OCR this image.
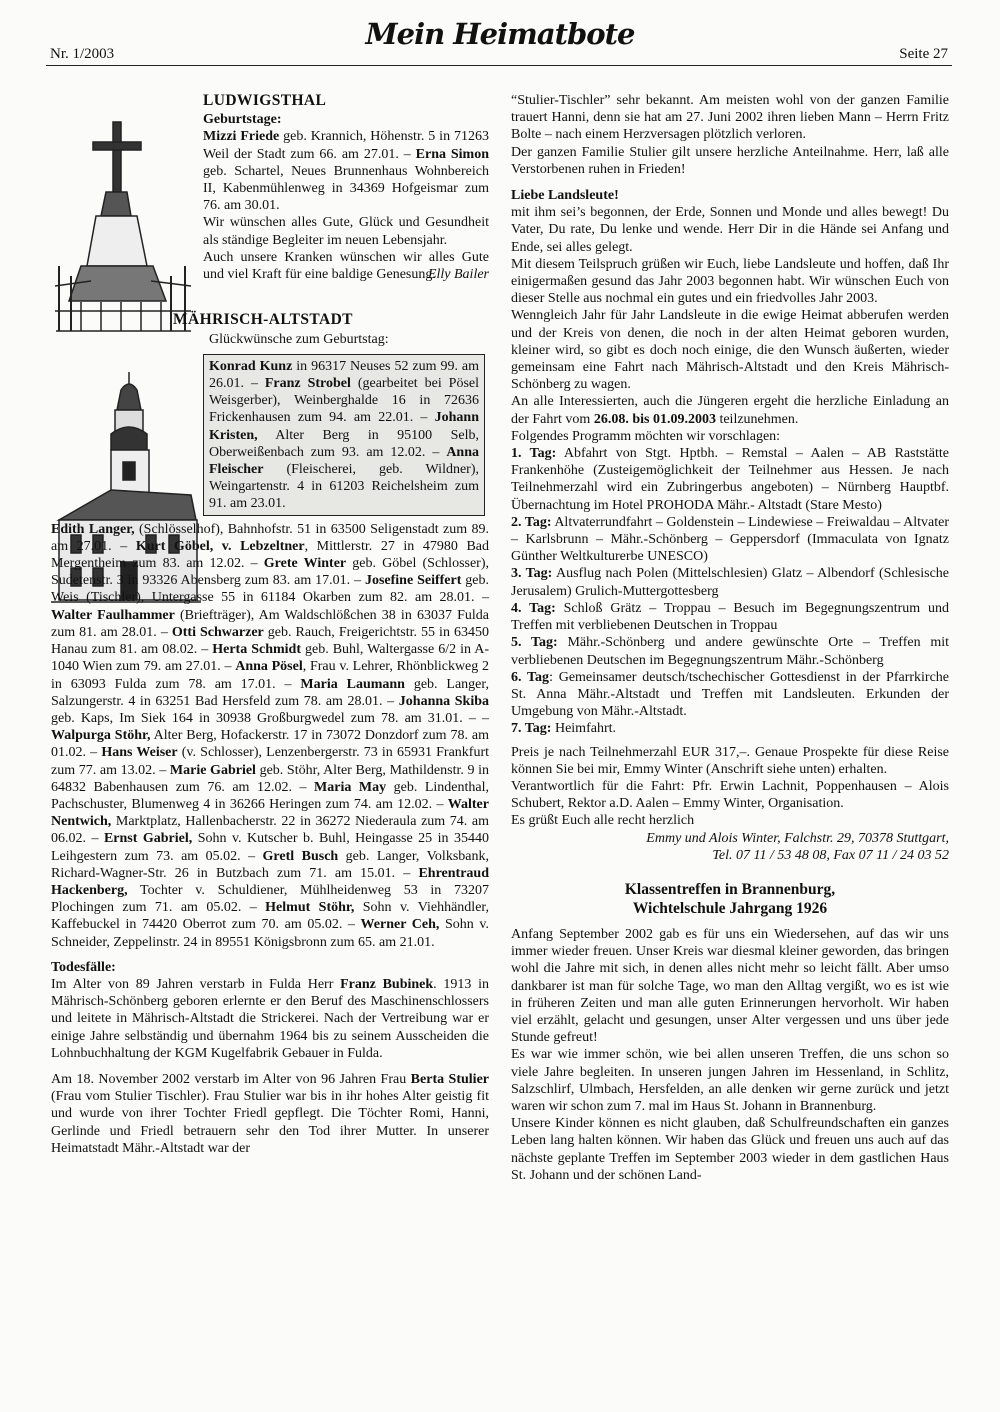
Nr. 1/2003
Mein Heimatbote
Seite 27
LUDWIGSTHAL

Geburtstage:

Mizzi Friede geb. Krannich, Höhenstr. 5 in 71263 Weil der Stadt zum 66. am 27.01. – Erna Simon geb. Schartel, Neues Brunnenhaus Wohnbereich II, Kabenmühlenweg in 34369 Hofgeismar zum 76. am 30.01.

Wir wünschen alles Gute, Glück und Gesundheit als ständige Begleiter im neuen Lebensjahr.

Auch unsere Kranken wünschen wir alles Gute und viel Kraft für eine baldige Genesung.

Elly Bailer

MÄHRISCH-ALTSTADT

Glückwünsche zum Geburtstag:

Konrad Kunz in 96317 Neuses 52 zum 99. am 26.01. – Franz Strobel (gearbeitet bei Pösel Weisgerber), Weinberghalde 16 in 72636 Frickenhausen zum 94. am 22.01. – Johann Kristen, Alter Berg in 95100 Selb, Oberweißenbach zum 93. am 12.02. – Anna Fleischer (Fleischerei, geb. Wildner), Weingartenstr. 4 in 61203 Reichelsheim zum 91. am 23.01.

Edith Langer, (Schlösselhof), Bahnhofstr. 51 in 63500 Seligenstadt zum 89. am 27.01. – Kurt Göbel, v. Lebzeltner, Mittlerstr. 27 in 47980 Bad Mergentheim zum 83. am 12.02. – Grete Winter geb. Göbel (Schlosser), Sudetenstr. 3 in 93326 Abensberg zum 83. am 17.01. – Josefine Seiffert geb. Weis (Tischler), Untergasse 55 in 61184 Okarben zum 82. am 28.01. – Walter Faulhammer (Briefträger), Am Waldschlößchen 38 in 63037 Fulda zum 81. am 28.01. – Otti Schwarzer geb. Rauch, Freigerichtstr. 55 in 63450 Hanau zum 81. am 08.02. – Herta Schmidt geb. Buhl, Waltergasse 6/2 in A-1040 Wien zum 79. am 27.01. – Anna Pösel, Frau v. Lehrer, Rhönblickweg 2 in 63093 Fulda zum 78. am 17.01. – Maria Laumann geb. Langer, Salzungerstr. 4 in 63251 Bad Hersfeld zum 78. am 28.01. – Johanna Skiba geb. Kaps, Im Siek 164 in 30938 Großburgwedel zum 78. am 31.01. – – Walpurga Stöhr, Alter Berg, Hofackerstr. 17 in 73072 Donzdorf zum 78. am 01.02. – Hans Weiser (v. Schlosser), Lenzenbergerstr. 73 in 65931 Frankfurt zum 77. am 13.02. – Marie Gabriel geb. Stöhr, Alter Berg, Mathildenstr. 9 in 64832 Babenhausen zum 76. am 12.02. – Maria May geb. Lindenthal, Pachschuster, Blumenweg 4 in 36266 Heringen zum 74. am 12.02. – Walter Nentwich, Marktplatz, Hallenbacherstr. 22 in 36272 Niederaula zum 74. am 06.02. – Ernst Gabriel, Sohn v. Kutscher b. Buhl, Heingasse 25 in 35440 Leihgestern zum 73. am 05.02. – Gretl Busch geb. Langer, Volksbank, Richard-Wagner-Str. 26 in Butzbach zum 71. am 15.01. – Ehrentraud Hackenberg, Tochter v. Schuldiener, Mühlheidenweg 53 in 73207 Plochingen zum 71. am 05.02. – Helmut Stöhr, Sohn v. Viehhändler, Kaffebuckel in 74420 Oberrot zum 70. am 05.02. – Werner Ceh, Sohn v. Schneider, Zeppelinstr. 24 in 89551 Königsbronn zum 65. am 21.01.

Todesfälle:

Im Alter von 89 Jahren verstarb in Fulda Herr Franz Bubinek. 1913 in Mährisch-Schönberg geboren erlernte er den Beruf des Maschinenschlossers und leitete in Mährisch-Altstadt die Strickerei. Nach der Vertreibung war er einige Jahre selbständig und übernahm 1964 bis zu seinem Ausscheiden die Lohnbuchhaltung der KGM Kugelfabrik Gebauer in Fulda.

Am 18. November 2002 verstarb im Alter von 96 Jahren Frau Berta Stulier (Frau vom Stulier Tischler). Frau Stulier war bis in ihr hohes Alter geistig fit und wurde von ihrer Tochter Friedl gepflegt. Die Töchter Romi, Hanni, Gerlinde und Friedl betrauern sehr den Tod ihrer Mutter. In unserer Heimatstadt Mähr.-Altstadt war der

“Stulier-Tischler” sehr bekannt. Am meisten wohl von der ganzen Familie trauert Hanni, denn sie hat am 27. Juni 2002 ihren lieben Mann – Herrn Fritz Bolte – nach einem Herzversagen plötzlich verloren.

Der ganzen Familie Stulier gilt unsere herzliche Anteilnahme. Herr, laß alle Verstorbenen ruhen in Frieden!

Liebe Landsleute!

mit ihm sei’s begonnen, der Erde, Sonnen und Monde und alles bewegt! Du Vater, Du rate, Du lenke und wende. Herr Dir in die Hände sei Anfang und Ende, sei alles gelegt.

Mit diesem Teilspruch grüßen wir Euch, liebe Landsleute und hoffen, daß Ihr einigermaßen gesund das Jahr 2003 begonnen habt. Wir wünschen Euch von dieser Stelle aus nochmal ein gutes und ein friedvolles Jahr 2003.

Wenngleich Jahr für Jahr Landsleute in die ewige Heimat abberufen werden und der Kreis von denen, die noch in der alten Heimat geboren wurden, kleiner wird, so gibt es doch noch einige, die den Wunsch äußerten, wieder gemeinsam eine Fahrt nach Mährisch-Altstadt und den Kreis Mährisch-Schönberg zu wagen.

An alle Interessierten, auch die Jüngeren ergeht die herzliche Einladung an der Fahrt vom 26.08. bis 01.09.2003 teilzunehmen.

Folgendes Programm möchten wir vorschlagen:

1. Tag: Abfahrt von Stgt. Hptbh. – Remstal – Aalen – AB Raststätte Frankenhöhe (Zusteigemöglichkeit der Teilnehmer aus Hessen. Je nach Teilnehmerzahl wird ein Zubringerbus angeboten) – Nürnberg Hauptbf. Übernachtung im Hotel PROHODA Mähr.- Altstadt (Stare Mesto)

2. Tag: Altvaterrundfahrt – Goldenstein – Lindewiese – Freiwaldau – Altvater – Karlsbrunn – Mähr.-Schönberg – Geppersdorf (Immaculata von Ignatz Günther Weltkulturerbe UNESCO)

3. Tag: Ausflug nach Polen (Mittelschlesien) Glatz – Albendorf (Schlesische Jerusalem) Grulich-Muttergottesberg

4. Tag: Schloß Grätz – Troppau – Besuch im Begegnungszentrum und Treffen mit verbliebenen Deutschen in Troppau

5. Tag: Mähr.-Schönberg und andere gewünschte Orte – Treffen mit verbliebenen Deutschen im Begegnungszentrum Mähr.-Schönberg

6. Tag: Gemeinsamer deutsch/tschechischer Gottesdienst in der Pfarrkirche St. Anna Mähr.-Altstadt und Treffen mit Landsleuten. Erkunden der Umgebung von Mähr.-Altstadt.

7. Tag: Heimfahrt.

Preis je nach Teilnehmerzahl EUR 317,–. Genaue Prospekte für diese Reise können Sie bei mir, Emmy Winter (Anschrift siehe unten) erhalten.

Verantwortlich für die Fahrt: Pfr. Erwin Lachnit, Poppenhausen – Alois Schubert, Rektor a.D. Aalen – Emmy Winter, Organisation.

Es grüßt Euch alle recht herzlich

Emmy und Alois Winter, Falchstr. 29, 70378 Stuttgart,

Tel. 07 11 / 53 48 08, Fax 07 11 / 24 03 52

Klassentreffen in Brannenburg,
Wichtelschule Jahrgang 1926

Anfang September 2002 gab es für uns ein Wiedersehen, auf das wir uns immer wieder freuen. Unser Kreis war diesmal kleiner geworden, das bringen wohl die Jahre mit sich, in denen alles nicht mehr so leicht fällt. Aber umso dankbarer ist man für solche Tage, wo man den Alltag vergißt, wo es ist wie in früheren Zeiten und man alle guten Erinnerungen hervorholt. Wir haben viel erzählt, gelacht und gesungen, unser Alter vergessen und uns über jede Stunde gefreut!

Es war wie immer schön, wie bei allen unseren Treffen, die uns schon so viele Jahre begleiten. In unseren jungen Jahren im Hessenland, in Schlitz, Salzschlirf, Ulmbach, Hersfelden, an alle denken wir gerne zurück und jetzt waren wir schon zum 7. mal im Haus St. Johann in Brannenburg.

Unsere Kinder können es nicht glauben, daß Schulfreundschaften ein ganzes Leben lang halten können. Wir haben das Glück und freuen uns auch auf das nächste geplante Treffen im September 2003 wieder in dem gastlichen Haus St. Johann und der schönen Land-
